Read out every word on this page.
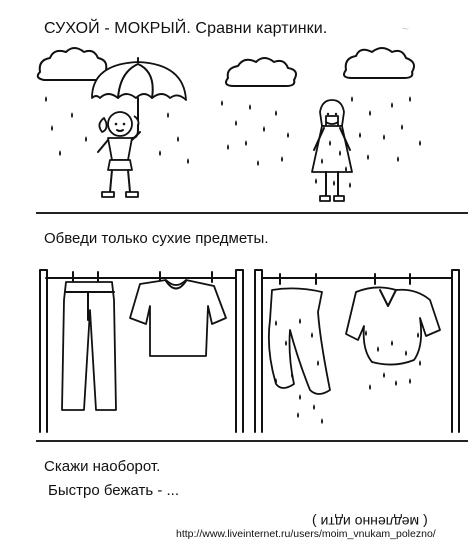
СУХОЙ - МОКРЫЙ. Сравни картинки.	~
Обведи только сухие предметы.
Скажи наоборот.
Быстро бежать - ...
( медленно идти )
http://www.liveinternet.ru/users/moim_vnukam_polezno/
